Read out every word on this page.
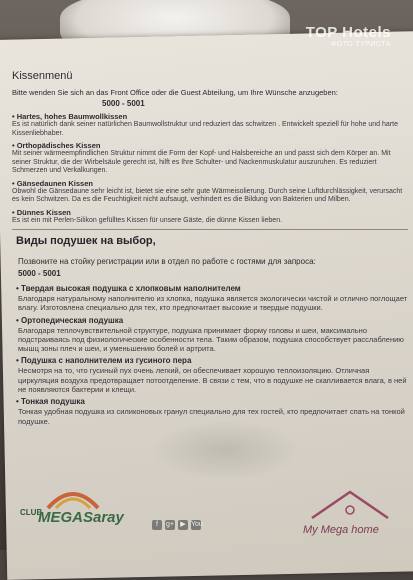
TOP Hotels
ФОТО ТУРИСТА
Kissenmenü
Bitte wenden Sie sich an das Front Office oder die Guest Abteilung, um Ihre Wünsche anzugeben:
5000 - 5001
• Hartes, hohes Baumwollkissen
Es ist natürlich dank seiner natürlichen Baumwollstruktur und reduziert das schwitzen . Entwickelt speziell für hohe und harte Kissenliebhaber.
• Orthopädisches Kissen
Mit seiner wärmeempfindlichen Struktur nimmt die Form der Kopf- und Halsbereiche an und passt sich dem Körper an. Mit seiner Struktur, die der Wirbelsäule gerecht ist, hilft es Ihre Schulter- und Nackenmuskulatur auszuruhen. Es reduziert Schmerzen und Verkalkungen.
• Gänsedaunen Kissen
Obwohl die Gänsedaune sehr leicht ist, bietet sie eine sehr gute Wärmeisolierung. Durch seine Luftdurchlässigkeit, verursacht es kein Schwitzen. Da es die Feuchtigkeit nicht aufsaugt, verhindert es die Bildung von Bakterien und Milben.
• Dünnes Kissen
Es ist ein mit Perlen-Silikon gefülltes Kissen für unsere Gäste, die dünne Kissen lieben.
Виды подушек на выбор,
Позвоните на стойку регистрации или в отдел по работе с гостями для запроса:
5000 - 5001
• Твердая высокая подушка с хлопковым наполнителем
Благодаря натуральному наполнителю из хлопка, подушка является экологически чистой и отлично поглощает влагу. Изготовлена специально для тех, кто предпочитает высокие и твердые подушки.
• Ортопедическая подушка
Благодаря теплочувствительной структуре, подушка принимает форму головы и шеи, максимально подстраиваясь под физиологические особенности тела. Таким образом, подушка способствует расслаблению мышц зоны плеч и шеи, и уменьшению болей и артрита.
• Подушка с наполнителем из гусиного пера
Несмотря на то, что гусиный пух очень легкий, он обеспечивает хорошую теплоизоляцию. Отличная циркуляция воздуха предотвращает потоотделение. В связи с тем, что в подушке не скапливается влага, в ней не появляются бактерии и клещи.
• Тонкая подушка
Тонкая удобная подушка из силиконовых гранул специально для тех гостей, кто предпочитает спать на тонкой подушке.
CLUB
MEGASaray	f	g+ ▶ You	My Mega home
